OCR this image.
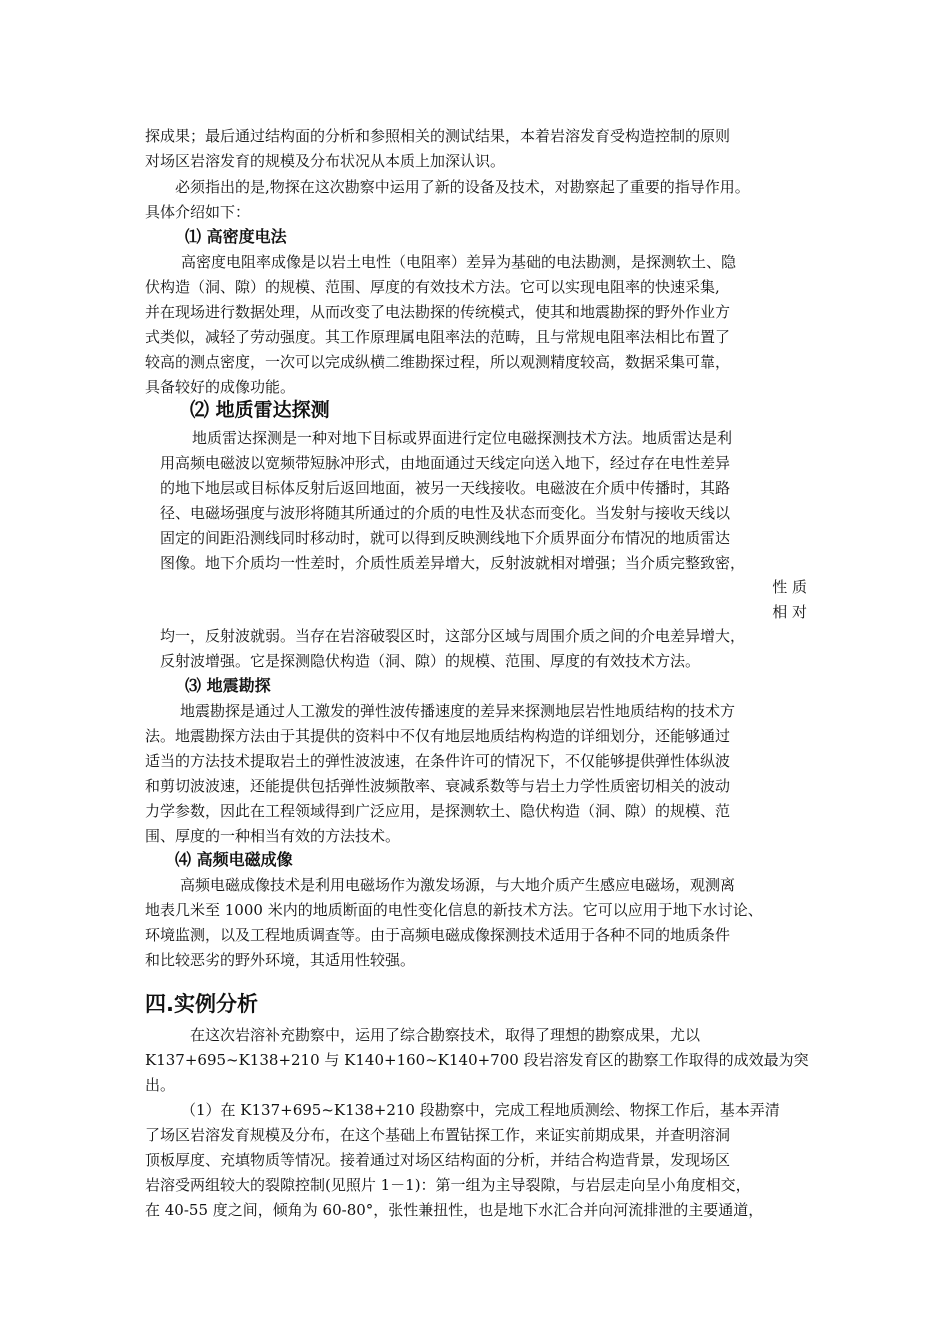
探成果；最后通过结构面的分析和参照相关的测试结果，本着岩溶发育受构造控制的原则
对场区岩溶发育的规模及分布状况从本质上加深认识。
必须指出的是,物探在这次勘察中运用了新的设备及技术，对勘察起了重要的指导作用。
具体介绍如下：
⑴ 高密度电法
高密度电阻率成像是以岩土电性（电阻率）差异为基础的电法勘测，是探测软土、隐
伏构造（洞、隙）的规模、范围、厚度的有效技术方法。它可以实现电阻率的快速采集,
并在现场进行数据处理，从而改变了电法勘探的传统模式，使其和地震勘探的野外作业方
式类似，减轻了劳动强度。其工作原理属电阻率法的范畴，且与常规电阻率法相比布置了
较高的测点密度，一次可以完成纵横二维勘探过程，所以观测精度较高，数据采集可靠，
具备较好的成像功能。
⑵ 地质雷达探测
地质雷达探测是一种对地下目标或界面进行定位电磁探测技术方法。地质雷达是利
用高频电磁波以宽频带短脉冲形式，由地面通过天线定向送入地下，经过存在电性差异
的地下地层或目标体反射后返回地面，被另一天线接收。电磁波在介质中传播时，其路
径、电磁场强度与波形将随其所通过的介质的电性及状态而变化。当发射与接收天线以
固定的间距沿测线同时移动时，就可以得到反映测线地下介质界面分布情况的地质雷达
图像。地下介质均一性差时，介质性质差异增大，反射波就相对增强；当介质完整致密，
性 质
相 对
均一，反射波就弱。当存在岩溶破裂区时，这部分区域与周围介质之间的介电差异增大，
反射波增强。它是探测隐伏构造（洞、隙）的规模、范围、厚度的有效技术方法。
⑶ 地震勘探
地震勘探是通过人工激发的弹性波传播速度的差异来探测地层岩性地质结构的技术方
法。地震勘探方法由于其提供的资料中不仅有地层地质结构构造的详细划分，还能够通过
适当的方法技术提取岩土的弹性波波速，在条件许可的情况下，不仅能够提供弹性体纵波
和剪切波波速，还能提供包括弹性波频散率、衰减系数等与岩土力学性质密切相关的波动
力学参数，因此在工程领域得到广泛应用，是探测软土、隐伏构造（洞、隙）的规模、范
围、厚度的一种相当有效的方法技术。
⑷ 高频电磁成像
高频电磁成像技术是利用电磁场作为激发场源，与大地介质产生感应电磁场，观测离
地表几米至 1000 米内的地质断面的电性变化信息的新技术方法。它可以应用于地下水讨论、
环境监测，以及工程地质调查等。由于高频电磁成像探测技术适用于各种不同的地质条件
和比较恶劣的野外环境，其适用性较强。
四.实例分析
在这次岩溶补充勘察中，运用了综合勘察技术，取得了理想的勘察成果，尤以
K137+695~K138+210 与 K140+160~K140+700 段岩溶发育区的勘察工作取得的成效最为突
出。
（1）在 K137+695~K138+210 段勘察中，完成工程地质测绘、物探工作后，基本弄清
了场区岩溶发育规模及分布，在这个基础上布置钻探工作，来证实前期成果，并查明溶洞
顶板厚度、充填物质等情况。接着通过对场区结构面的分析，并结合构造背景，发现场区
岩溶受两组较大的裂隙控制(见照片 1－1)：第一组为主导裂隙，与岩层走向呈小角度相交，
在 40-55 度之间，倾角为 60-80°，张性兼扭性，也是地下水汇合并向河流排泄的主要通道，
